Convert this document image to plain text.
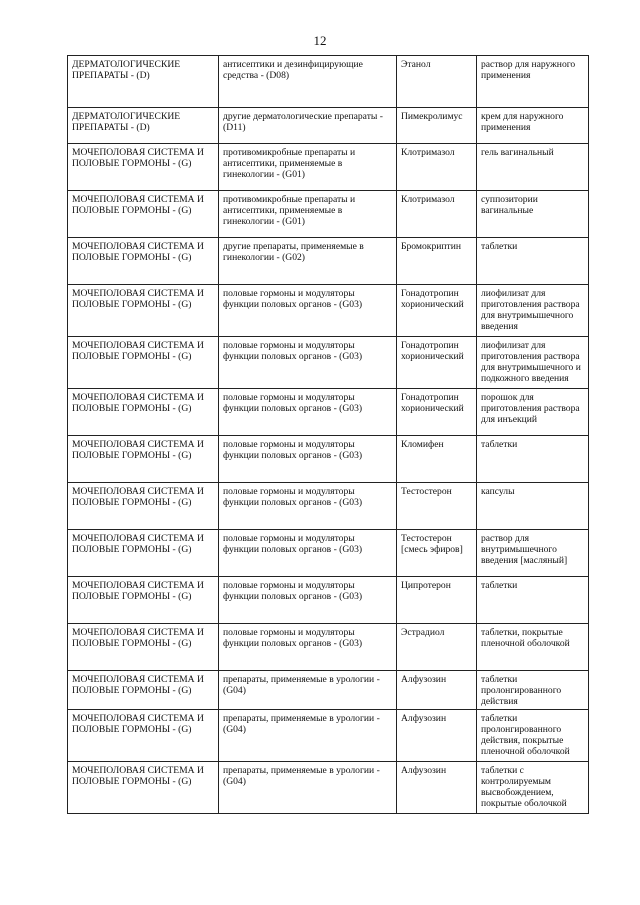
12
ДЕРМАТОЛОГИЧЕСКИЕ ПРЕПАРАТЫ - (D)	антисептики и дезинфицирующие средства - (D08)	Этанол	раствор для наружного применения
ДЕРМАТОЛОГИЧЕСКИЕ ПРЕПАРАТЫ - (D)	другие дерматологические препараты - (D11)	Пимекролимус	крем для наружного применения
МОЧЕПОЛОВАЯ СИСТЕМА И ПОЛОВЫЕ ГОРМОНЫ - (G)	противомикробные препараты и антисептики, применяемые в гинекологии - (G01)	Клотримазол	гель вагинальный
МОЧЕПОЛОВАЯ СИСТЕМА И ПОЛОВЫЕ ГОРМОНЫ - (G)	противомикробные препараты и антисептики, применяемые в гинекологии - (G01)	Клотримазол	суппозитории вагинальные
МОЧЕПОЛОВАЯ СИСТЕМА И ПОЛОВЫЕ ГОРМОНЫ - (G)	другие препараты, применяемые в гинекологии - (G02)	Бромокриптин	таблетки
МОЧЕПОЛОВАЯ СИСТЕМА И ПОЛОВЫЕ ГОРМОНЫ - (G)	половые гормоны и модуляторы функции половых органов - (G03)	Гонадотропин хорионический	лиофилизат для приготовления раствора для внутримышечного введения
МОЧЕПОЛОВАЯ СИСТЕМА И ПОЛОВЫЕ ГОРМОНЫ - (G)	половые гормоны и модуляторы функции половых органов - (G03)	Гонадотропин хорионический	лиофилизат для приготовления раствора для внутримышечного и подкожного введения
МОЧЕПОЛОВАЯ СИСТЕМА И ПОЛОВЫЕ ГОРМОНЫ - (G)	половые гормоны и модуляторы функции половых органов - (G03)	Гонадотропин хорионический	порошок для приготовления раствора для инъекций
МОЧЕПОЛОВАЯ СИСТЕМА И ПОЛОВЫЕ ГОРМОНЫ - (G)	половые гормоны и модуляторы функции половых органов - (G03)	Кломифен	таблетки
МОЧЕПОЛОВАЯ СИСТЕМА И ПОЛОВЫЕ ГОРМОНЫ - (G)	половые гормоны и модуляторы функции половых органов - (G03)	Тестостерон	капсулы
МОЧЕПОЛОВАЯ СИСТЕМА И ПОЛОВЫЕ ГОРМОНЫ - (G)	половые гормоны и модуляторы функции половых органов - (G03)	Тестостерон [смесь эфиров]	раствор для внутримышечного введения [масляный]
МОЧЕПОЛОВАЯ СИСТЕМА И ПОЛОВЫЕ ГОРМОНЫ - (G)	половые гормоны и модуляторы функции половых органов - (G03)	Ципротерон	таблетки
МОЧЕПОЛОВАЯ СИСТЕМА И ПОЛОВЫЕ ГОРМОНЫ - (G)	половые гормоны и модуляторы функции половых органов - (G03)	Эстрадиол	таблетки, покрытые пленочной оболочкой
МОЧЕПОЛОВАЯ СИСТЕМА И ПОЛОВЫЕ ГОРМОНЫ - (G)	препараты, применяемые в урологии - (G04)	Алфузозин	таблетки пролонгированного действия
МОЧЕПОЛОВАЯ СИСТЕМА И ПОЛОВЫЕ ГОРМОНЫ - (G)	препараты, применяемые в урологии - (G04)	Алфузозин	таблетки пролонгированного действия, покрытые пленочной оболочкой
МОЧЕПОЛОВАЯ СИСТЕМА И ПОЛОВЫЕ ГОРМОНЫ - (G)	препараты, применяемые в урологии - (G04)	Алфузозин	таблетки с контролируемым высвобождением, покрытые оболочкой
